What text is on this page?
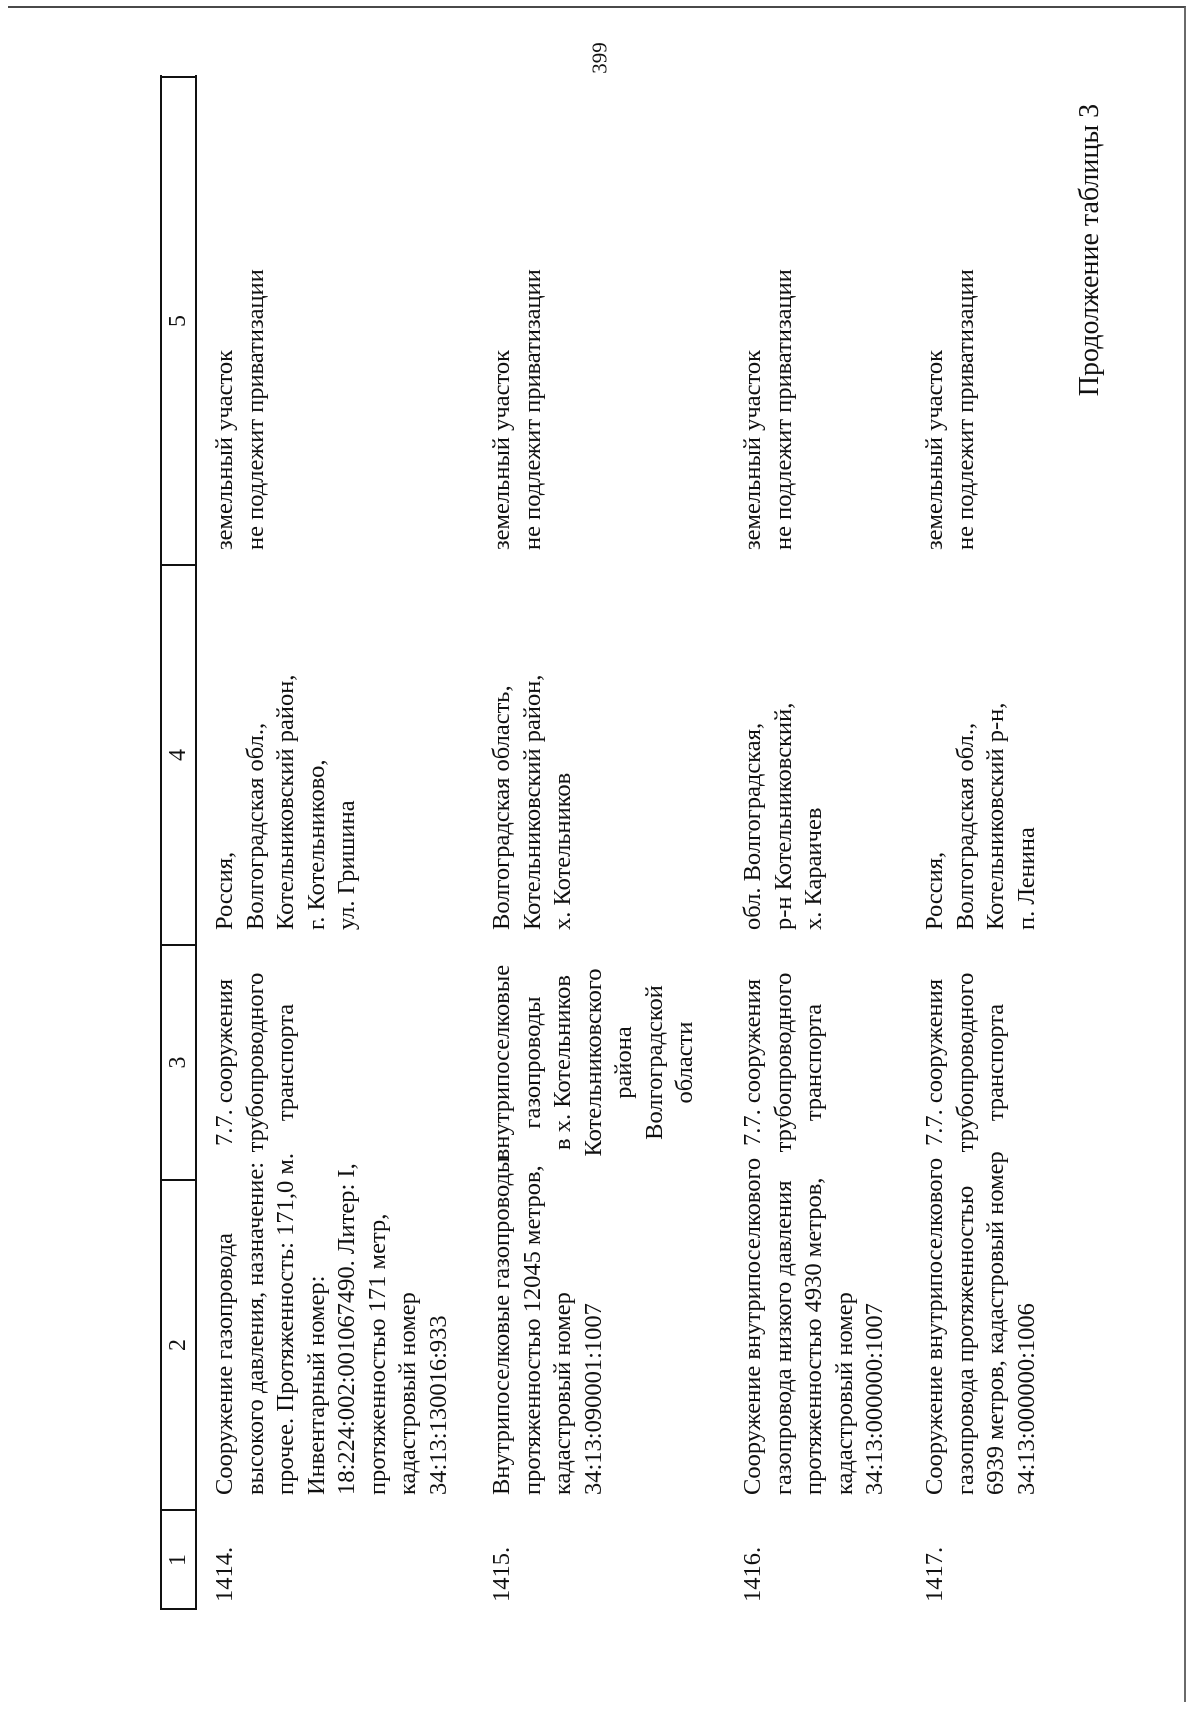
399
Продолжение таблицы 3
1
2
3
4
5
1414.
Сооружение газопровода
высокого давления, назначение:
прочее. Протяженность: 171,0 м.
Инвентарный номер:
18:224:002:001067490. Литер: I,
протяженностью 171 метр,
кадастровый номер
34:13:130016:933
7.7. сооружения
трубопроводного
транспорта
Россия,
Волгоградская обл.,
Котельниковский район,
г. Котельниково,
ул. Гришина
земельный участок
не подлежит приватизации
1415.
Внутрипоселковые газопроводы
протяженностью 12045 метров,
кадастровый номер
34:13:090001:1007
внутрипоселковые
газопроводы
в х. Котельников
Котельниковского
района
Волгоградской
области
Волгоградская область,
Котельниковский район,
х. Котельников
земельный участок
не подлежит приватизации
1416.
Сооружение внутрипоселкового
газопровода низкого давления
протяженностью 4930 метров,
кадастровый номер
34:13:000000:1007
7.7. сооружения
трубопроводного
транспорта
обл. Волгоградская,
р-н Котельниковский,
х. Караичев
земельный участок
не подлежит приватизации
1417.
Сооружение внутрипоселкового
газопровода протяженностью
6939 метров, кадастровый номер
34:13:000000:1006
7.7. сооружения
трубопроводного
транспорта
Россия,
Волгоградская обл.,
Котельниковский р-н,
п. Ленина
земельный участок
не подлежит приватизации
